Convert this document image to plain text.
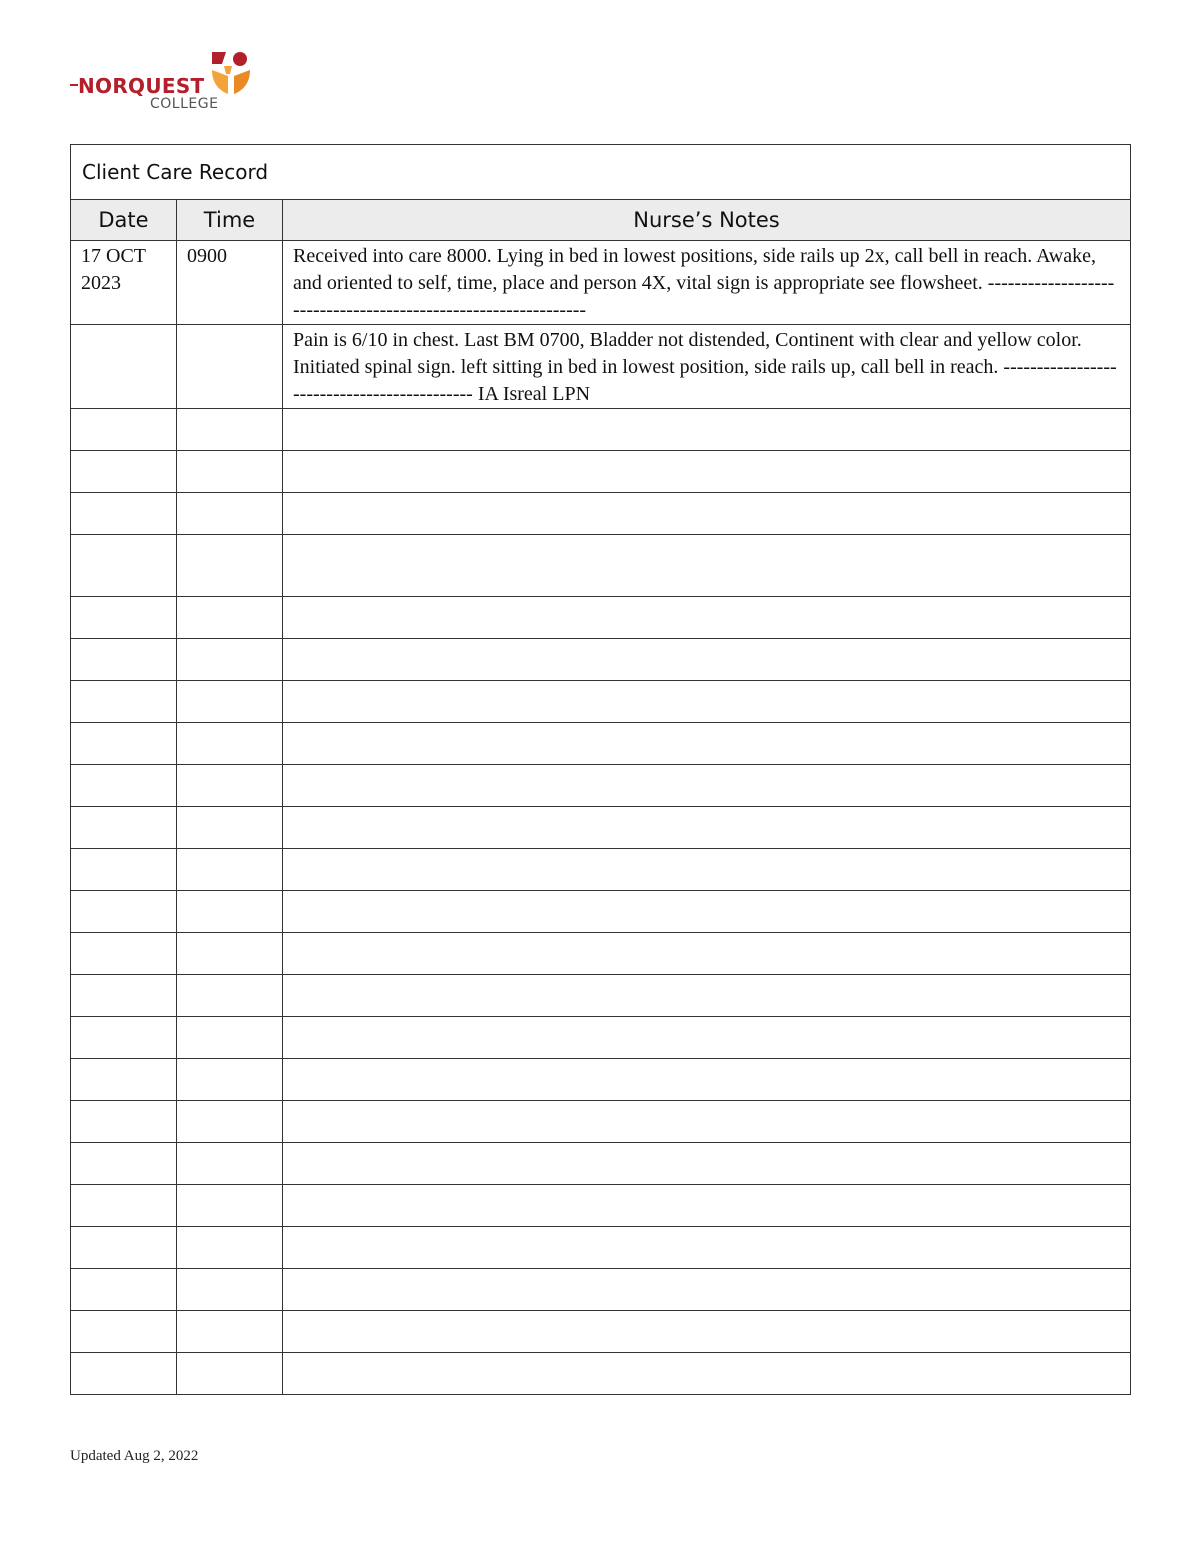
NORQUEST
COLLEGE
Client Care Record		
Date	Time	Nurse’s Notes
17 OCT 2023	0900	Received into care 8000. Lying in bed in lowest positions, side rails up 2x, call bell in reach. Awake, and oriented to self, time, place and person 4X, vital sign is appropriate see flowsheet. ---------------------------------------------------------------
		Pain is 6/10 in chest. Last BM 0700, Bladder not distended, Continent with clear and yellow color. Initiated spinal sign. left sitting in bed in lowest position, side rails up, call bell in reach. -------------------------------------------- IA Isreal LPN

Updated Aug 2, 2022
